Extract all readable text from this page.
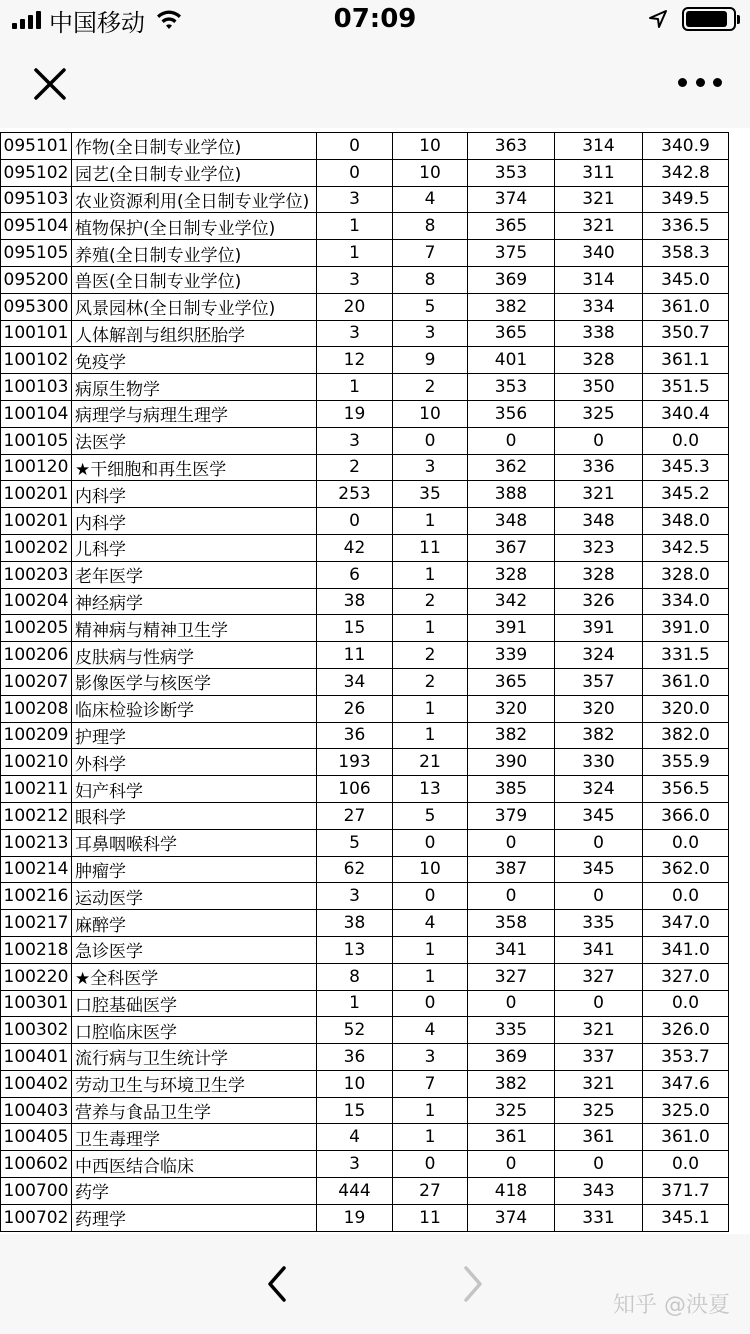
中国移动	07:09
095101	作物(全日制专业学位)	0	10	363	314	340.9
095102	园艺(全日制专业学位)	0	10	353	311	342.8
095103	农业资源利用(全日制专业学位)	3	4	374	321	349.5
095104	植物保护(全日制专业学位)	1	8	365	321	336.5
095105	养殖(全日制专业学位)	1	7	375	340	358.3
095200	兽医(全日制专业学位)	3	8	369	314	345.0
095300	风景园林(全日制专业学位)	20	5	382	334	361.0
100101	人体解剖与组织胚胎学	3	3	365	338	350.7
100102	免疫学	12	9	401	328	361.1
100103	病原生物学	1	2	353	350	351.5
100104	病理学与病理生理学	19	10	356	325	340.4
100105	法医学	3	0	0	0	0.0
100120	★干细胞和再生医学	2	3	362	336	345.3
100201	内科学	253	35	388	321	345.2
100201	内科学	0	1	348	348	348.0
100202	儿科学	42	11	367	323	342.5
100203	老年医学	6	1	328	328	328.0
100204	神经病学	38	2	342	326	334.0
100205	精神病与精神卫生学	15	1	391	391	391.0
100206	皮肤病与性病学	11	2	339	324	331.5
100207	影像医学与核医学	34	2	365	357	361.0
100208	临床检验诊断学	26	1	320	320	320.0
100209	护理学	36	1	382	382	382.0
100210	外科学	193	21	390	330	355.9
100211	妇产科学	106	13	385	324	356.5
100212	眼科学	27	5	379	345	366.0
100213	耳鼻咽喉科学	5	0	0	0	0.0
100214	肿瘤学	62	10	387	345	362.0
100216	运动医学	3	0	0	0	0.0
100217	麻醉学	38	4	358	335	347.0
100218	急诊医学	13	1	341	341	341.0
100220	★全科医学	8	1	327	327	327.0
100301	口腔基础医学	1	0	0	0	0.0
100302	口腔临床医学	52	4	335	321	326.0
100401	流行病与卫生统计学	36	3	369	337	353.7
100402	劳动卫生与环境卫生学	10	7	382	321	347.6
100403	营养与食品卫生学	15	1	325	325	325.0
100405	卫生毒理学	4	1	361	361	361.0
100602	中西医结合临床	3	0	0	0	0.0
100700	药学	444	27	418	343	371.7
100702	药理学	19	11	374	331	345.1
知乎 @泱夏
